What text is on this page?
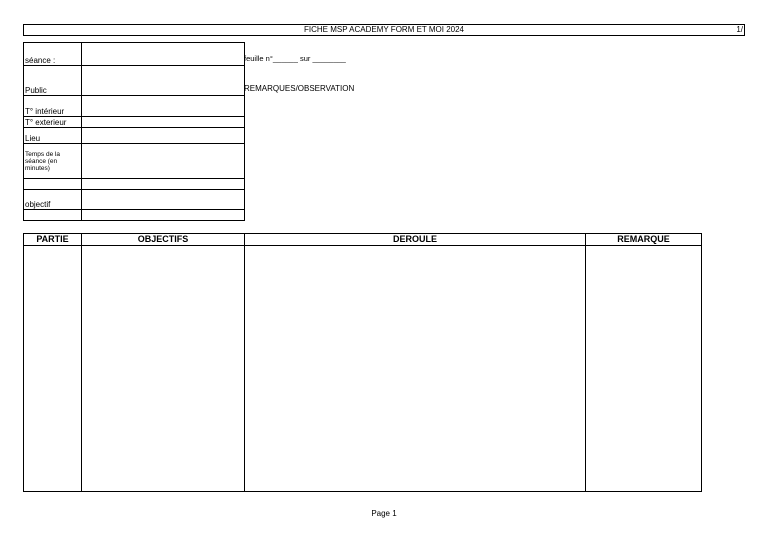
FICHE MSP ACADEMY FORM ET MOI 2024	1/
séance :	
Public	
T° intérieur	
T° exterieur	
Lieu	
Temps de la séance (en minutes)	

objectif	

feuille n°______ sur ________
REMARQUES/OBSERVATION
PARTIE	OBJECTIFS	DEROULE	REMARQUE

Page 1
